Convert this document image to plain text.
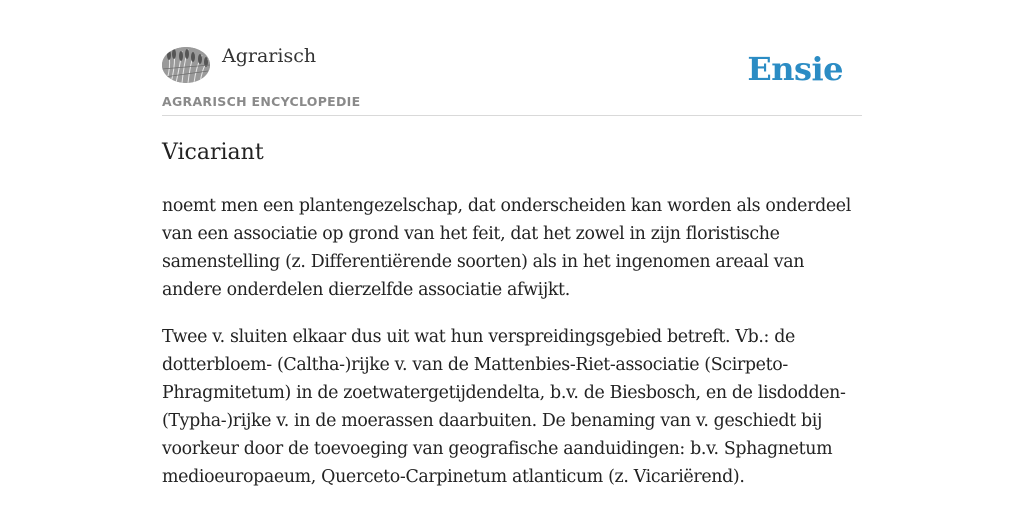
Agrarisch
AGRARISCH ENCYCLOPEDIE
Ensie
Vicariant

noemt men een plantengezelschap, dat onderscheiden kan worden als onderdeel van een associatie op grond van het feit, dat het zowel in zijn floristische samenstelling (z. Differentiërende soorten) als in het ingenomen areaal van andere onderdelen dierzelfde associatie afwijkt.

Twee v. sluiten elkaar dus uit wat hun verspreidingsgebied betreft. Vb.: de dotterbloem- (Caltha-)rijke v. van de Mattenbies-Riet-associatie (Scirpeto-Phragmitetum) in de zoetwatergetijdendelta, b.v. de Biesbosch, en de lisdodden- (Typha-)rijke v. in de moerassen daarbuiten. De benaming van v. geschiedt bij voorkeur door de toevoeging van geografische aanduidingen: b.v. Sphagnetum medioeuropaeum, Querceto-Carpinetum atlanticum (z. Vicariërend).
